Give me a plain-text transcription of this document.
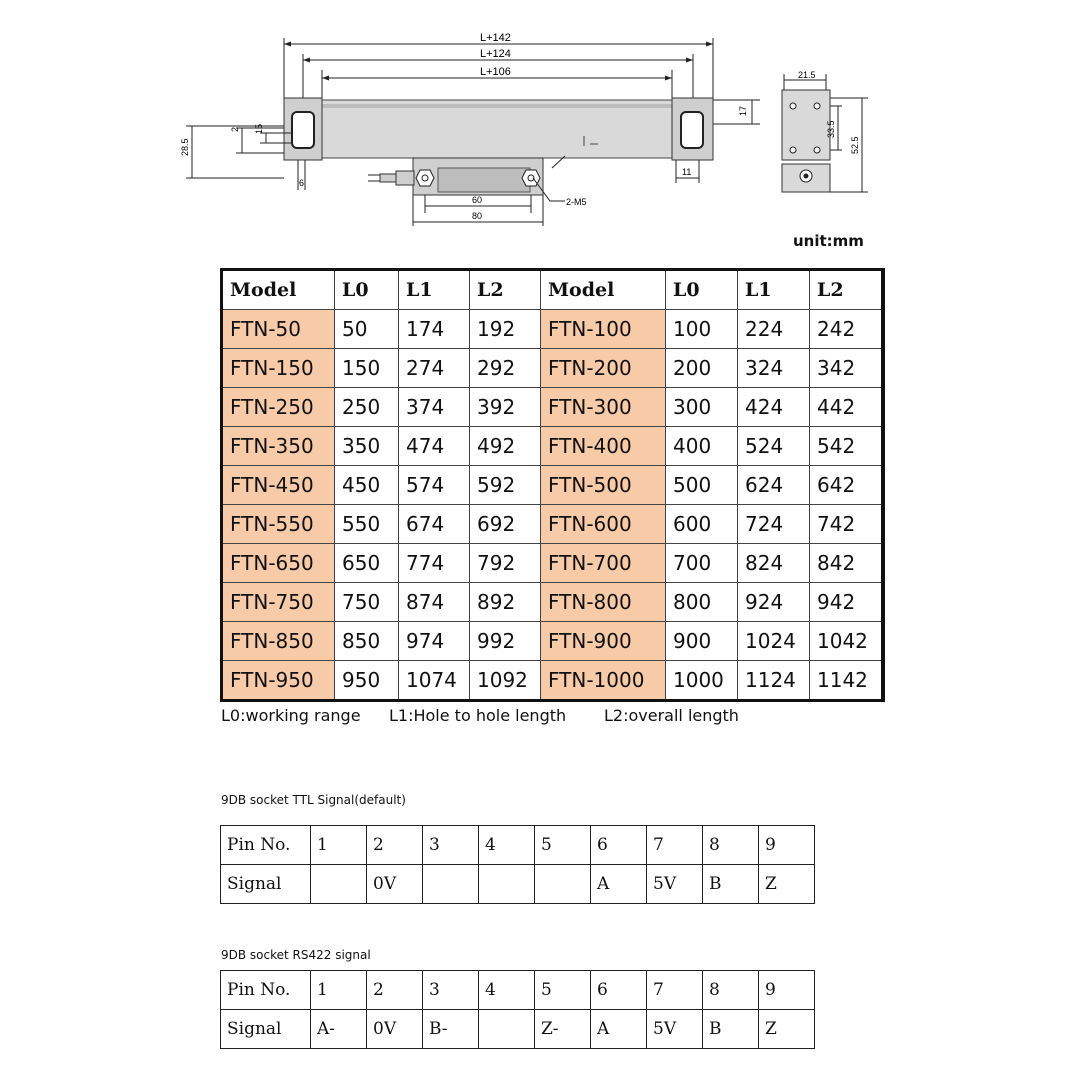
L+142
L+124
L+106
28.5
2 15
6
11
2-M5
60
80
17
21.5
33.5
52.5
unit:mm
Model	L0	L1	L2	Model	L0	L1	L2
FTN-50	50	174	192	FTN-100	100	224	242
FTN-150	150	274	292	FTN-200	200	324	342
FTN-250	250	374	392	FTN-300	300	424	442
FTN-350	350	474	492	FTN-400	400	524	542
FTN-450	450	574	592	FTN-500	500	624	642
FTN-550	550	674	692	FTN-600	600	724	742
FTN-650	650	774	792	FTN-700	700	824	842
FTN-750	750	874	892	FTN-800	800	924	942
FTN-850	850	974	992	FTN-900	900	1024	1042
FTN-950	950	1074	1092	FTN-1000	1000	1124	1142
L0:working range L1:Hole to hole length L2:overall length
9DB socket TTL Signal(default)
Pin No.	1	2	3	4	5	6	7	8	9
Signal		0V				A	5V	B	Z
9DB socket RS422 signal
Pin No.	1	2	3	4	5	6	7	8	9
Signal	A-	0V	B-		Z-	A	5V	B	Z
